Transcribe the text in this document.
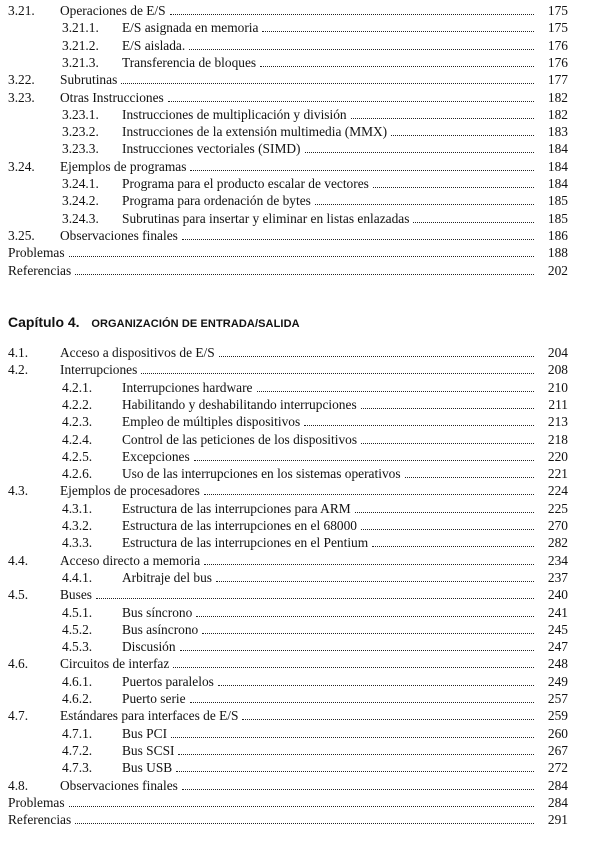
3.21.	Operaciones de E/S	175
3.21.1.	E/S asignada en memoria	175
3.21.2.	E/S aislada.	176
3.21.3.	Transferencia de bloques	176
3.22.	Subrutinas	177
3.23.	Otras Instrucciones	182
3.23.1.	Instrucciones de multiplicación y división	182
3.23.2.	Instrucciones de la extensión multimedia (MMX)	183
3.23.3.	Instrucciones vectoriales (SIMD)	184
3.24.	Ejemplos de programas	184
3.24.1.	Programa para el producto escalar de vectores	184
3.24.2.	Programa para ordenación de bytes	185
3.24.3.	Subrutinas para insertar y eliminar en listas enlazadas	185
3.25.	Observaciones finales	186
Problemas	188
Referencias	202
Capítulo 4. ORGANIZACIÓN DE ENTRADA/SALIDA
4.1.	Acceso a dispositivos de E/S	204
4.2.	Interrupciones	208
4.2.1.	Interrupciones hardware	210
4.2.2.	Habilitando y deshabilitando interrupciones	211
4.2.3.	Empleo de múltiples dispositivos	213
4.2.4.	Control de las peticiones de los dispositivos	218
4.2.5.	Excepciones	220
4.2.6.	Uso de las interrupciones en los sistemas operativos	221
4.3.	Ejemplos de procesadores	224
4.3.1.	Estructura de las interrupciones para ARM	225
4.3.2.	Estructura de las interrupciones en el 68000	270
4.3.3.	Estructura de las interrupciones en el Pentium	282
4.4.	Acceso directo a memoria	234
4.4.1.	Arbitraje del bus	237
4.5.	Buses	240
4.5.1.	Bus síncrono	241
4.5.2.	Bus asíncrono	245
4.5.3.	Discusión	247
4.6.	Circuitos de interfaz	248
4.6.1.	Puertos paralelos	249
4.6.2.	Puerto serie	257
4.7.	Estándares para interfaces de E/S	259
4.7.1.	Bus PCI	260
4.7.2.	Bus SCSI	267
4.7.3.	Bus USB	272
4.8.	Observaciones finales	284
Problemas	284
Referencias	291
